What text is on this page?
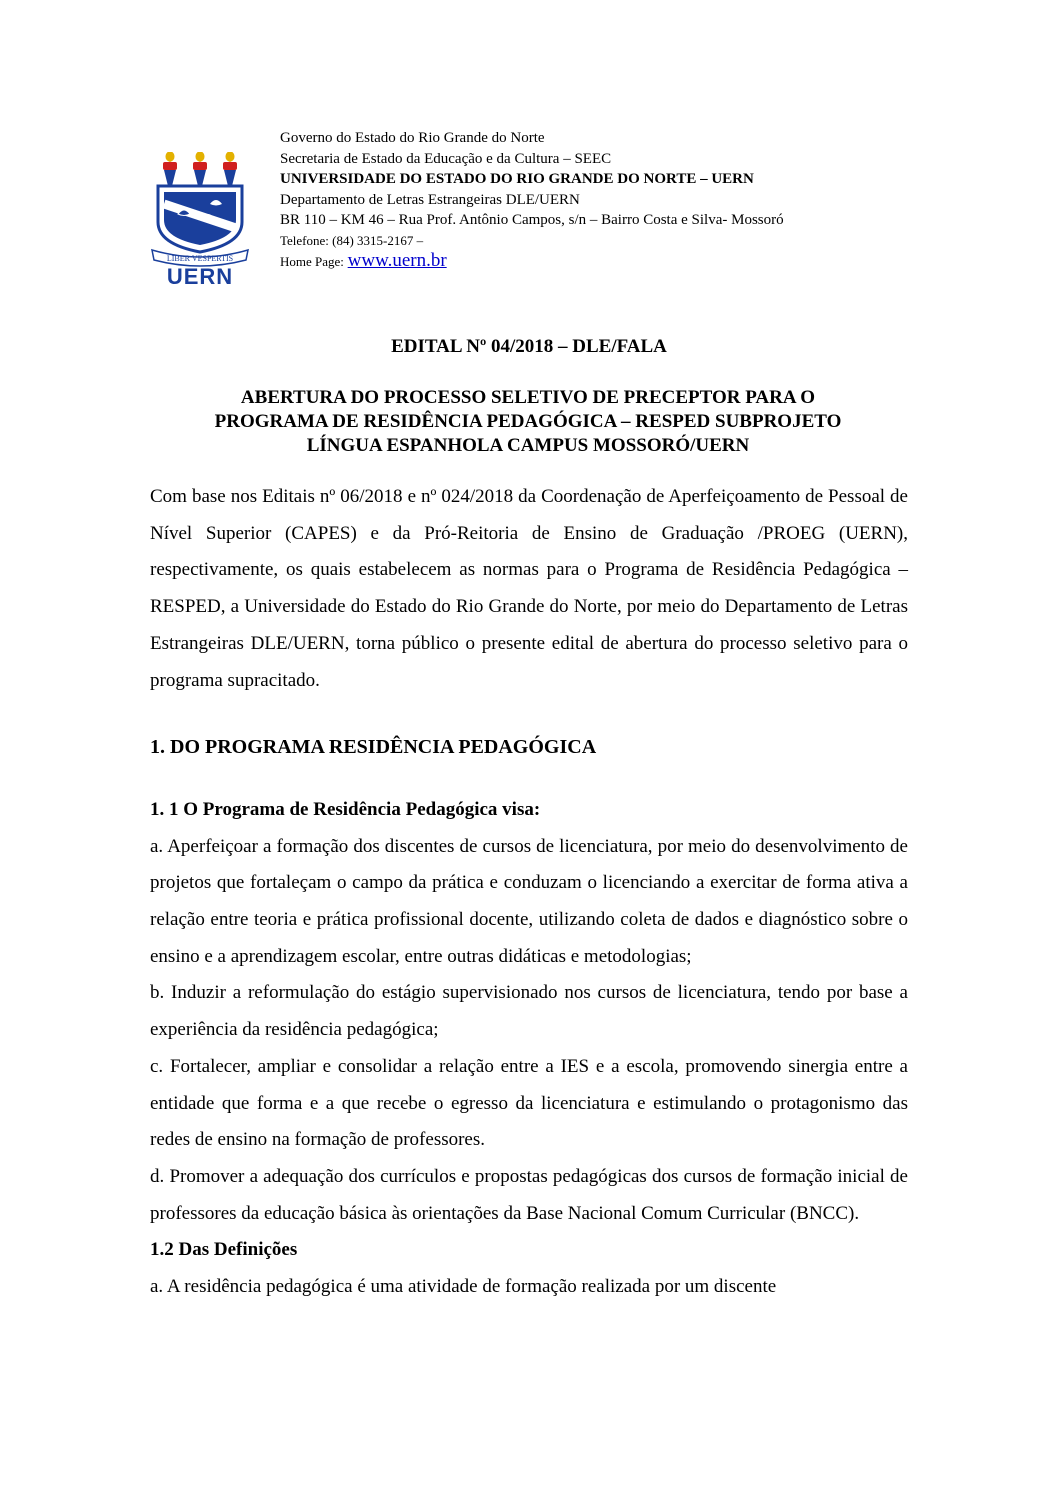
LIBER VESPERTIS
UERN
Governo do Estado do Rio Grande do Norte
Secretaria de Estado da Educação e da Cultura – SEEC
UNIVERSIDADE DO ESTADO DO RIO GRANDE DO NORTE – UERN
Departamento de Letras Estrangeiras DLE/UERN
BR 110 – KM 46 – Rua Prof. Antônio Campos, s/n – Bairro Costa e Silva- Mossoró
Telefone: (84) 3315-2167 –
Home Page: www.uern.br
EDITAL Nº 04/2018 – DLE/FALA
ABERTURA DO PROCESSO SELETIVO DE PRECEPTOR PARA O
PROGRAMA DE RESIDÊNCIA PEDAGÓGICA – RESPED SUBPROJETO
LÍNGUA ESPANHOLA CAMPUS MOSSORÓ/UERN

Com base nos Editais nº 06/2018 e nº 024/2018 da Coordenação de Aperfeiçoamento de Pessoal de Nível Superior (CAPES) e da Pró-Reitoria de Ensino de Graduação /PROEG (UERN), respectivamente, os quais estabelecem as normas para o Programa de Residência Pedagógica – RESPED, a Universidade do Estado do Rio Grande do Norte, por meio do Departamento de Letras Estrangeiras DLE/UERN, torna público o presente edital de abertura do processo seletivo para o programa supracitado.

1. DO PROGRAMA RESIDÊNCIA PEDAGÓGICA

1. 1 O Programa de Residência Pedagógica visa:

a. Aperfeiçoar a formação dos discentes de cursos de licenciatura, por meio do desenvolvimento de projetos que fortaleçam o campo da prática e conduzam o licenciando a exercitar de forma ativa a relação entre teoria e prática profissional docente, utilizando coleta de dados e diagnóstico sobre o ensino e a aprendizagem escolar, entre outras didáticas e metodologias;

b. Induzir a reformulação do estágio supervisionado nos cursos de licenciatura, tendo por base a experiência da residência pedagógica;

c. Fortalecer, ampliar e consolidar a relação entre a IES e a escola, promovendo sinergia entre a entidade que forma e a que recebe o egresso da licenciatura e estimulando o protagonismo das redes de ensino na formação de professores.

d. Promover a adequação dos currículos e propostas pedagógicas dos cursos de formação inicial de professores da educação básica às orientações da Base Nacional Comum Curricular (BNCC).

1.2 Das Definições

a. A residência pedagógica é uma atividade de formação realizada por um discente
